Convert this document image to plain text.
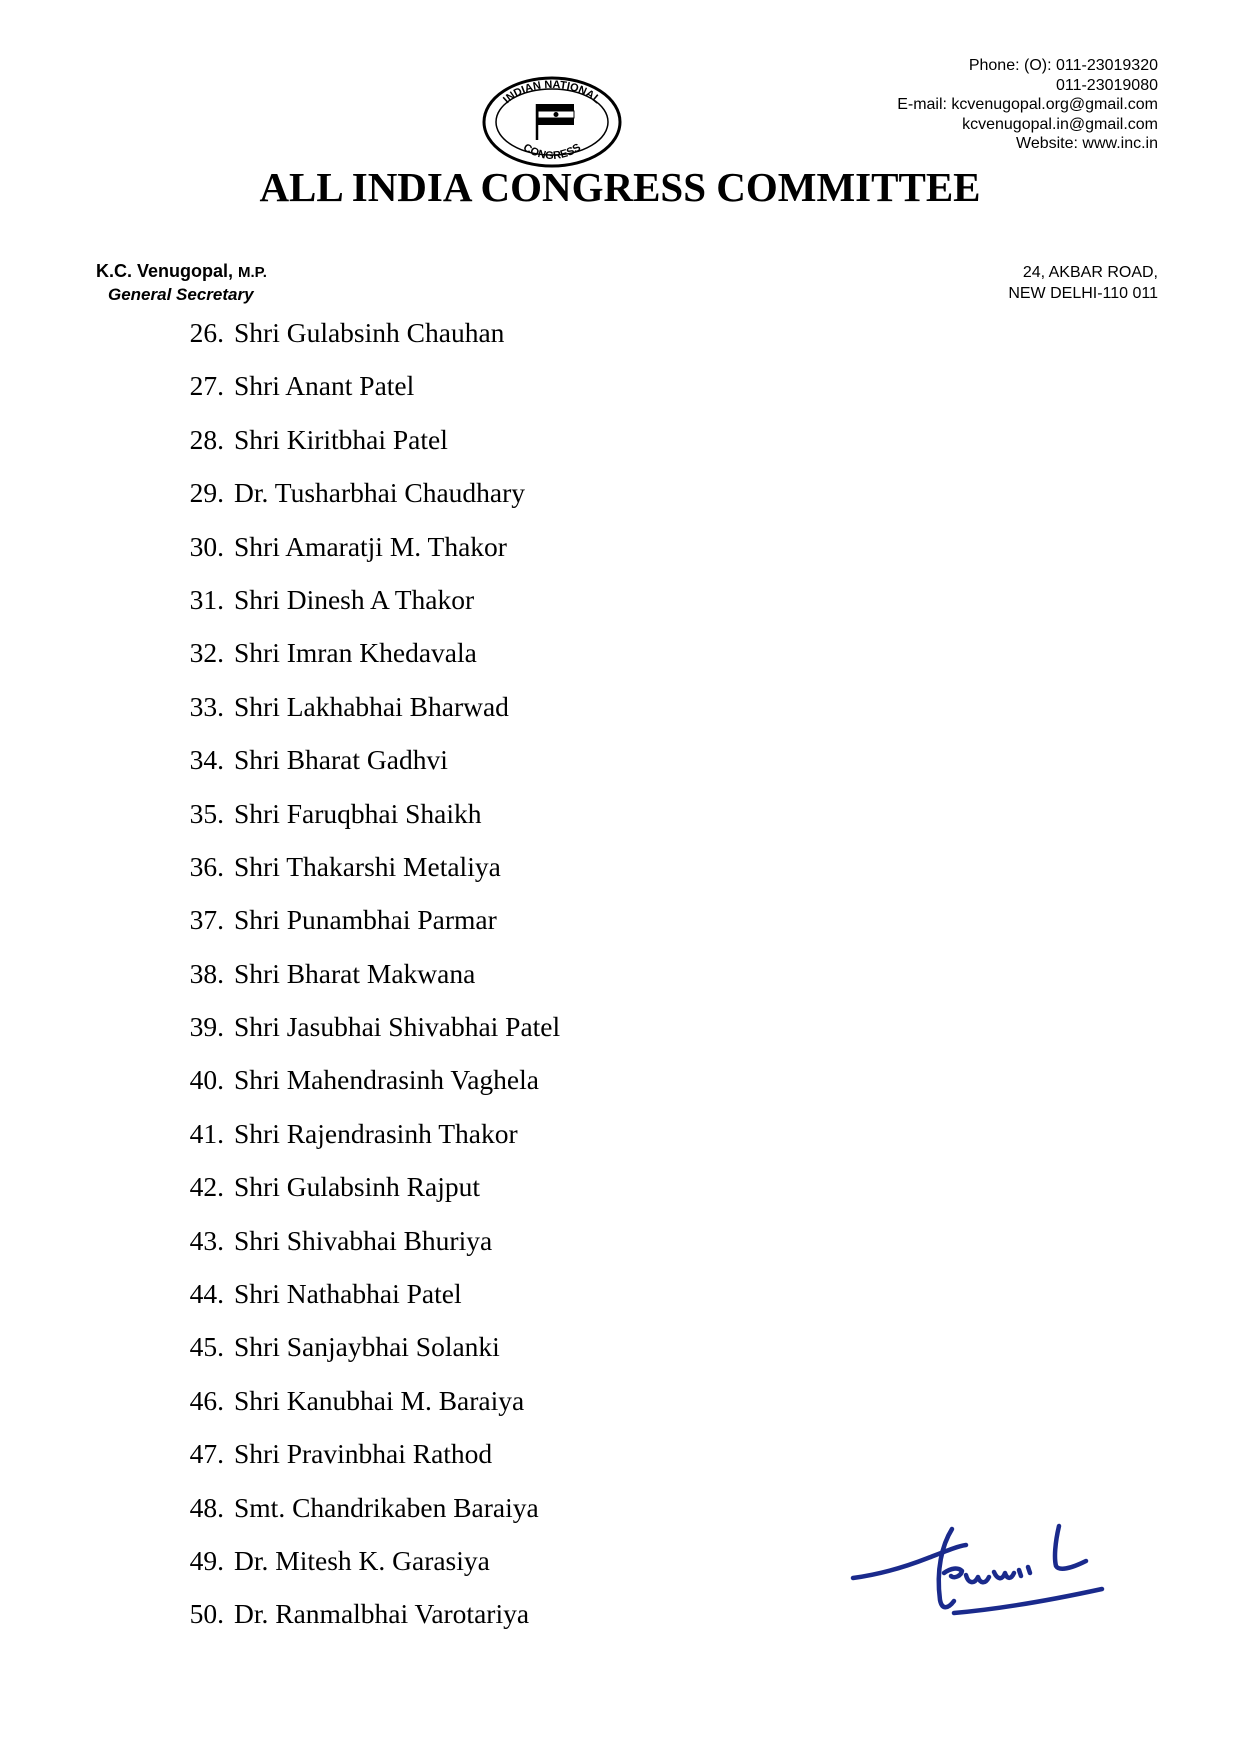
INDIAN NATIONAL
CONGRESS
Phone: (O): 011-23019320
011-23019080
E-mail: kcvenugopal.org@gmail.com
kcvenugopal.in@gmail.com
Website: www.inc.in
ALL INDIA CONGRESS COMMITTEE
K.C. Venugopal, M.P.
General Secretary
24, AKBAR ROAD,
NEW DELHI-110 011
26. Shri Gulabsinh Chauhan
27. Shri Anant Patel
28. Shri Kiritbhai Patel
29. Dr. Tusharbhai Chaudhary
30. Shri Amaratji M. Thakor
31. Shri Dinesh A Thakor
32. Shri Imran Khedavala
33. Shri Lakhabhai Bharwad
34. Shri Bharat Gadhvi
35. Shri Faruqbhai Shaikh
36. Shri Thakarshi Metaliya
37. Shri Punambhai Parmar
38. Shri Bharat Makwana
39. Shri Jasubhai Shivabhai Patel
40. Shri Mahendrasinh Vaghela
41. Shri Rajendrasinh Thakor
42. Shri Gulabsinh Rajput
43. Shri Shivabhai Bhuriya
44. Shri Nathabhai Patel
45. Shri Sanjaybhai Solanki
46. Shri Kanubhai M. Baraiya
47. Shri Pravinbhai Rathod
48. Smt. Chandrikaben Baraiya
49. Dr. Mitesh K. Garasiya
50. Dr. Ranmalbhai Varotariya
